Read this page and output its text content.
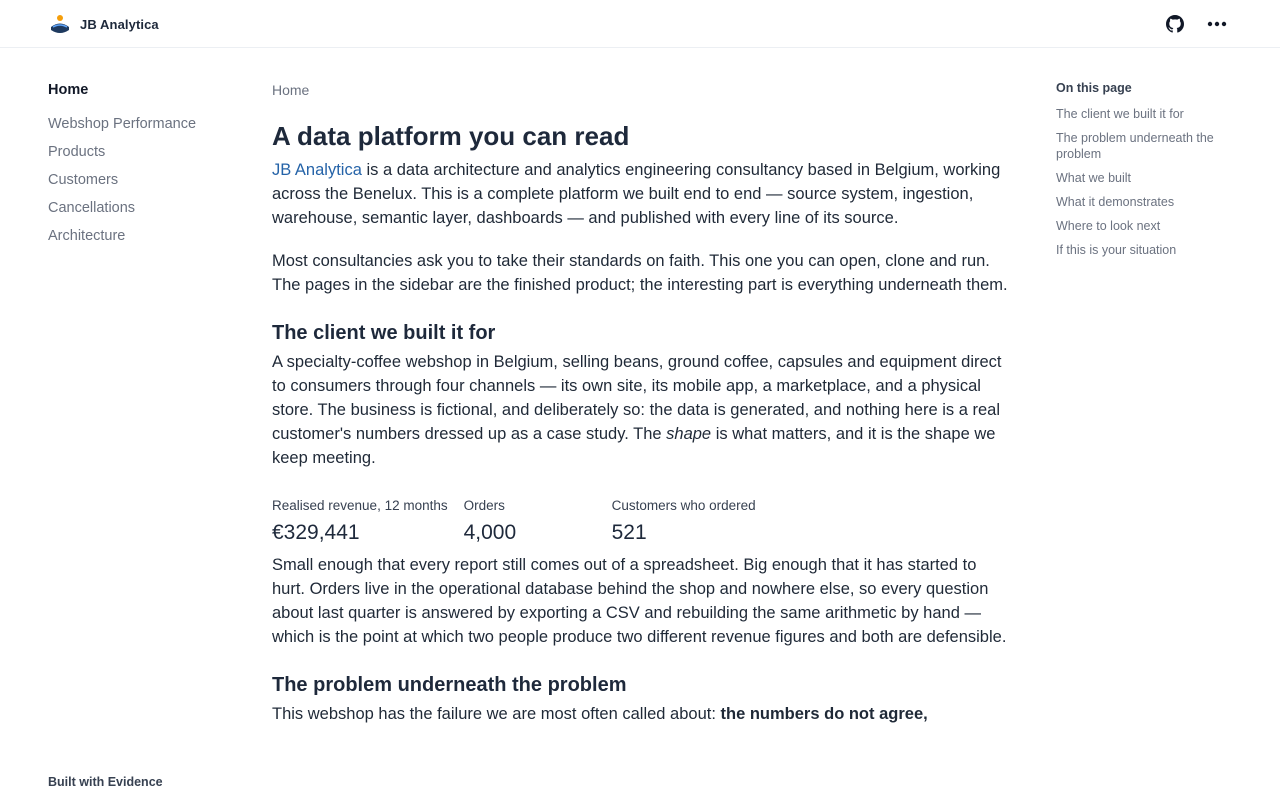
JB Analytica
Home
Webshop Performance
Products
Customers
Cancellations
Architecture
Built with Evidence
Home
A data platform you can read

JB Analytica is a data architecture and analytics engineering consultancy based in Belgium, working across the Benelux. This is a complete platform we built end to end — source system, ingestion, warehouse, semantic layer, dashboards — and published with every line of its source.

Most consultancies ask you to take their standards on faith. This one you can open, clone and run. The pages in the sidebar are the finished product; the interesting part is everything underneath them.

The client we built it for

A specialty-coffee webshop in Belgium, selling beans, ground coffee, capsules and equipment direct to consumers through four channels — its own site, its mobile app, a marketplace, and a physical store. The business is fictional, and deliberately so: the data is generated, and nothing here is a real customer's numbers dressed up as a case study. The shape is what matters, and it is the shape we keep meeting.

Realised revenue, 12 months
€329,441
Orders
4,000
Customers who ordered
521

Small enough that every report still comes out of a spreadsheet. Big enough that it has started to hurt. Orders live in the operational database behind the shop and nowhere else, so every question about last quarter is answered by exporting a CSV and rebuilding the same arithmetic by hand — which is the point at which two people produce two different revenue figures and both are defensible.

The problem underneath the problem

This webshop has the failure we are most often called about: the numbers do not agree,

On this page
The client we built it for
The problem underneath the problem
What we built
What it demonstrates
Where to look next
If this is your situation
